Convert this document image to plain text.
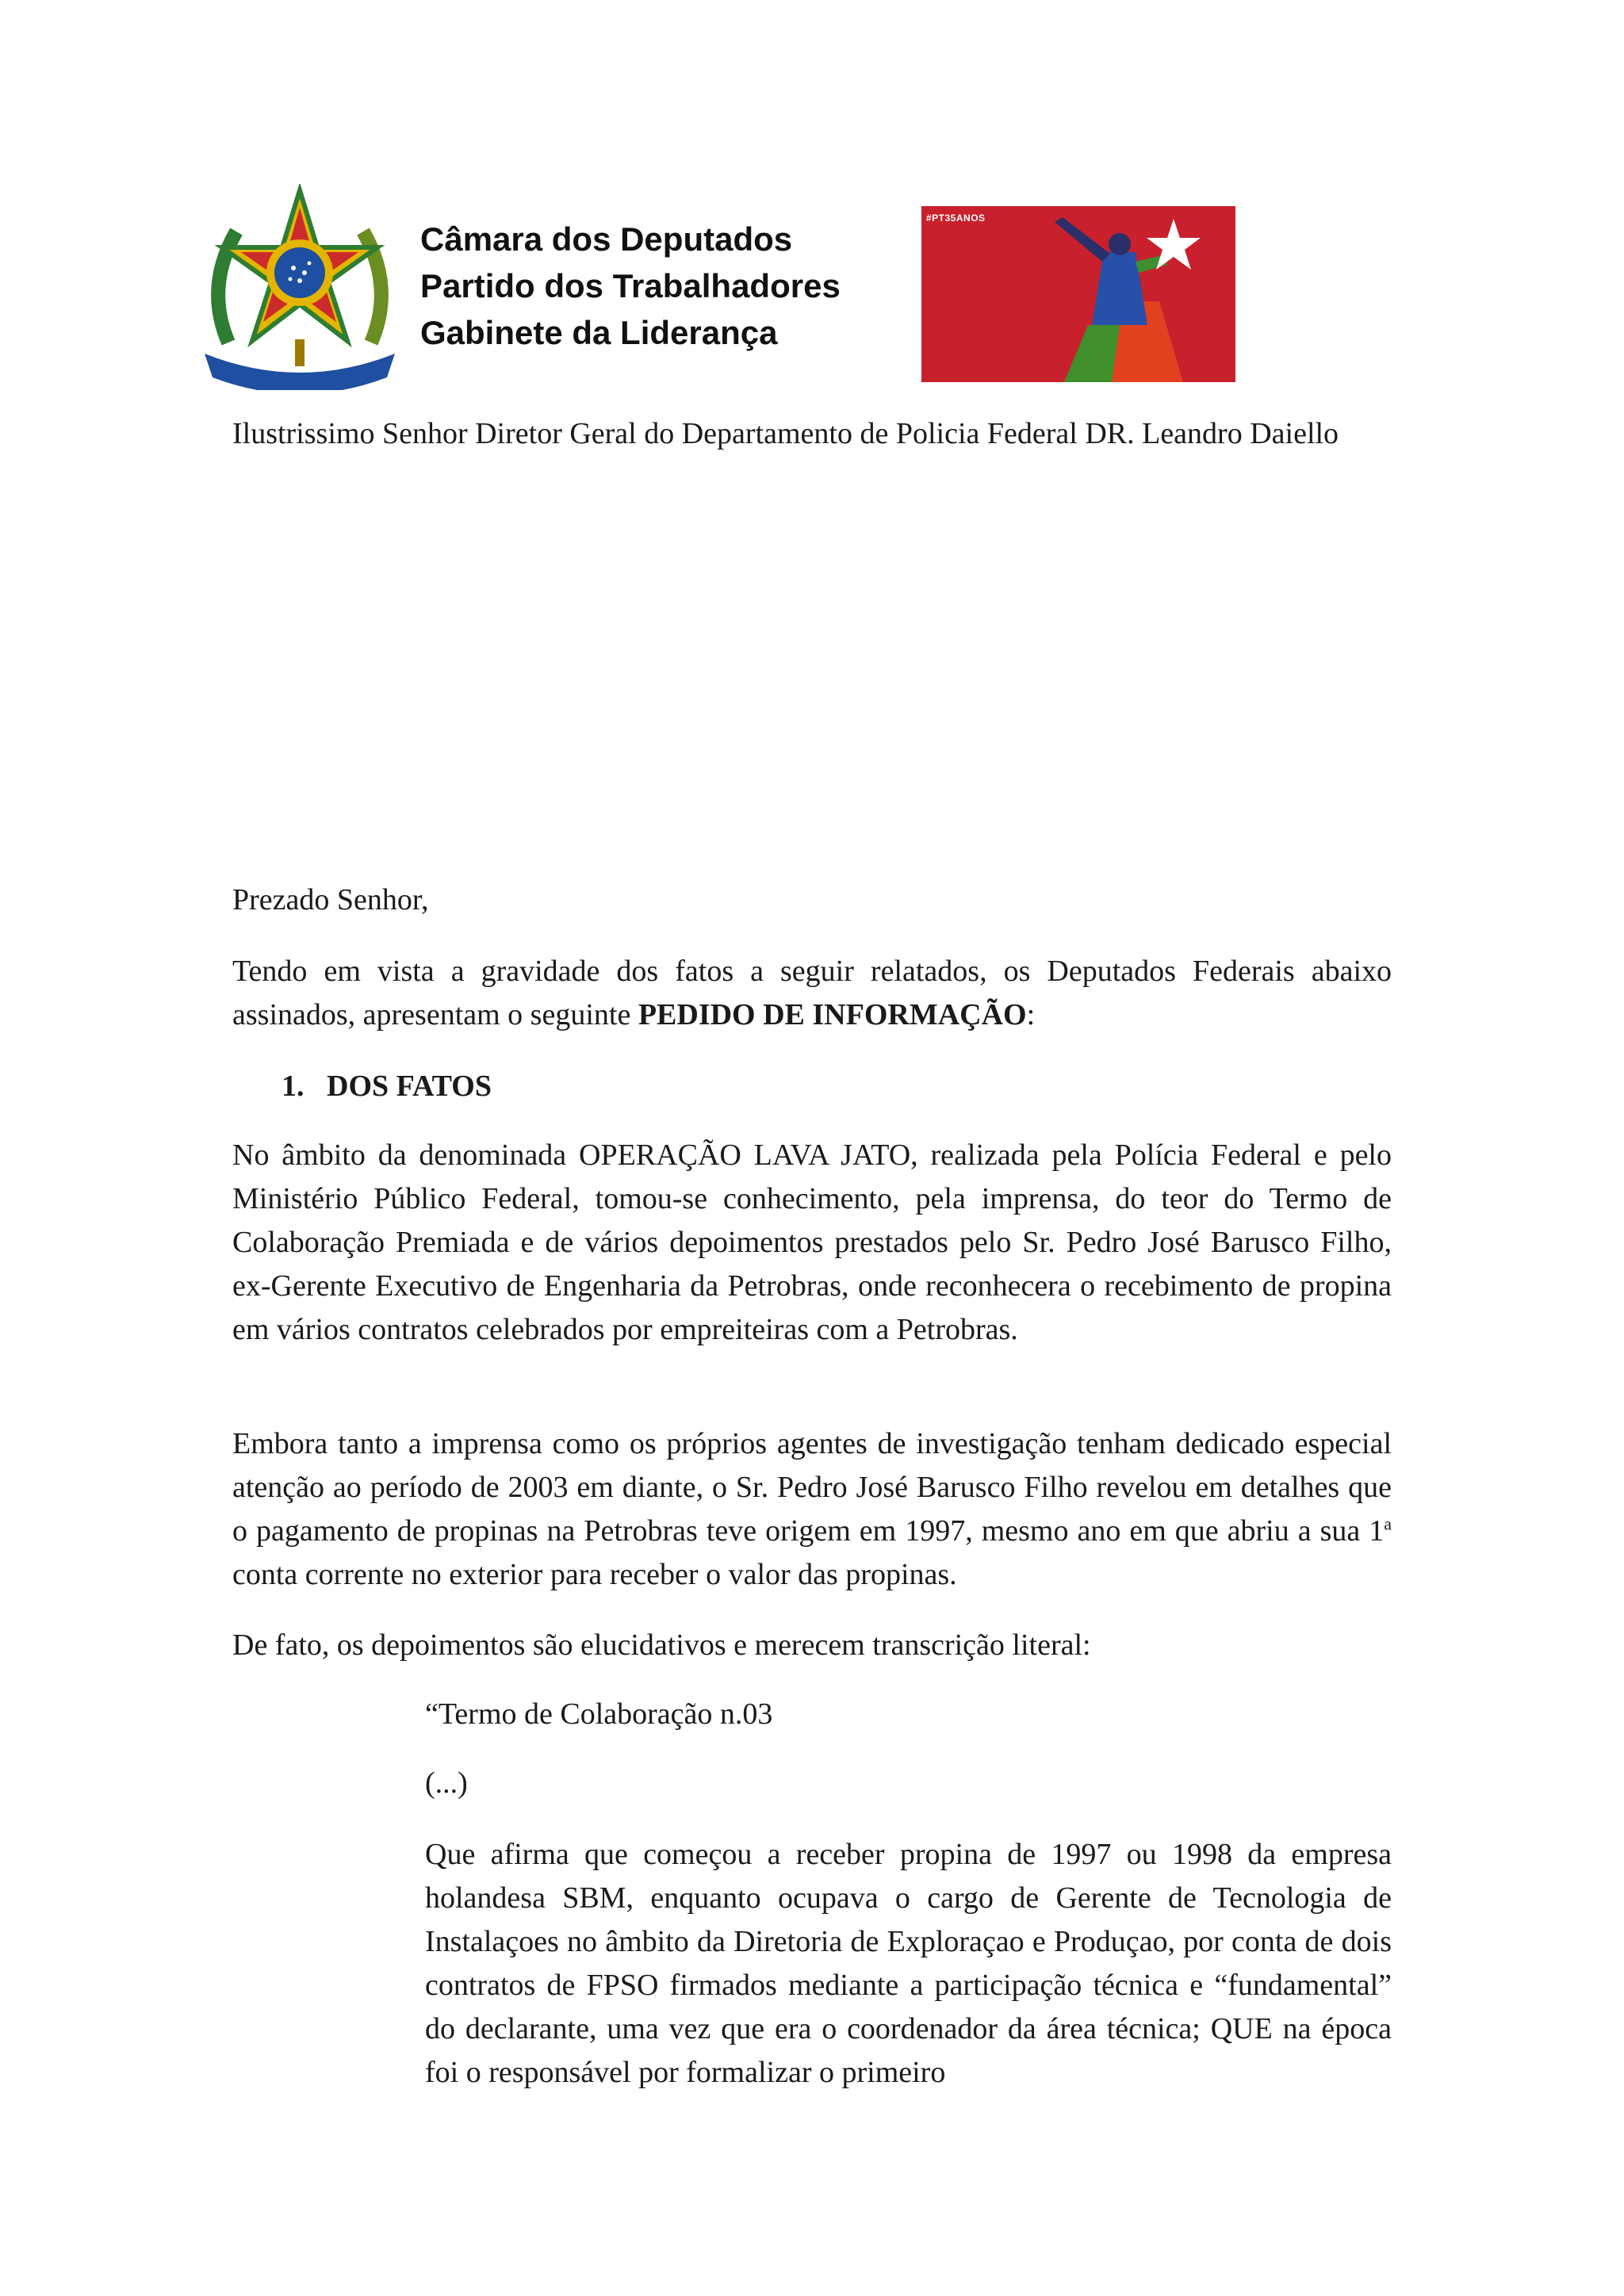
Câmara dos Deputados
Partido dos Trabalhadores
Gabinete da Liderança
#PT35ANOS
Ilustrissimo Senhor Diretor Geral do Departamento de Policia Federal DR. Leandro Daiello
Prezado Senhor,
Tendo em vista a gravidade dos fatos a seguir relatados, os Deputados Federais abaixo assinados, apresentam o seguinte PEDIDO DE INFORMAÇÃO:
1. DOS FATOS
No âmbito da denominada OPERAÇÃO LAVA JATO, realizada pela Polícia Federal e pelo Ministério Público Federal, tomou-se conhecimento, pela imprensa, do teor do Termo de Colaboração Premiada e de vários depoimentos prestados pelo Sr. Pedro José Barusco Filho, ex-Gerente Executivo de Engenharia da Petrobras, onde reconhecera o recebimento de propina em vários contratos celebrados por empreiteiras com a Petrobras.
Embora tanto a imprensa como os próprios agentes de investigação tenham dedicado especial atenção ao período de 2003 em diante, o Sr. Pedro José Barusco Filho revelou em detalhes que o pagamento de propinas na Petrobras teve origem em 1997, mesmo ano em que abriu a sua 1$^a$ conta corrente no exterior para receber o valor das propinas.
De fato, os depoimentos são elucidativos e merecem transcrição literal:
“Termo de Colaboração n.03
(...)
Que afirma que começou a receber propina de 1997 ou 1998 da empresa holandesa SBM, enquanto ocupava o cargo de Gerente de Tecnologia de Instalaçoes no âmbito da Diretoria de Exploraçao e Produçao, por conta de dois contratos de FPSO firmados mediante a participação técnica e “fundamental” do declarante, uma vez que era o coordenador da área técnica; QUE na época foi o responsável por formalizar o primeiro
